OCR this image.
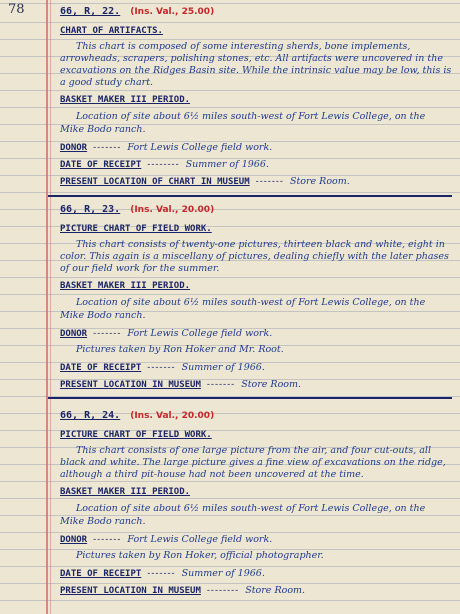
78	66, R, 22. (Ins. Val., 25.00)
CHART OF ARTIFACTS.

This chart is composed of some interesting sherds, bone implements, arrowheads, scrapers, polishing stones, etc. All artifacts were uncovered in the excavations on the Ridges Basin site. While the intrinsic value may be low, this is a good study chart.

BASKET MAKER III PERIOD.

Location of site about 6½ miles south-west of Fort Lewis College, on the Mike Bodo ranch.

DONOR ------- Fort Lewis College field work.
DATE OF RECEIPT -------- Summer of 1966.
PRESENT LOCATION OF CHART IN MUSEUM ------- Store Room.
66, R, 23. (Ins. Val., 20.00)
PICTURE CHART OF FIELD WORK.

This chart consists of twenty-one pictures, thirteen black and white, eight in color. This again is a miscellany of pictures, dealing chiefly with the later phases of our field work for the summer.

BASKET MAKER III PERIOD.

Location of site about 6½ miles south-west of Fort Lewis College, on the Mike Bodo ranch.

DONOR ------- Fort Lewis College field work.

Pictures taken by Ron Hoker and Mr. Root.

DATE OF RECEIPT ------- Summer of 1966.
PRESENT LOCATION IN MUSEUM ------- Store Room.
66, R, 24. (Ins. Val., 20.00)
PICTURE CHART OF FIELD WORK.

This chart consists of one large picture from the air, and four cut-outs, all black and white. The large picture gives a fine view of excavations on the ridge, although a third pit-house had not been uncovered at the time.

BASKET MAKER III PERIOD.

Location of site about 6½ miles south-west of Fort Lewis College, on the Mike Bodo ranch.

DONOR ------- Fort Lewis College field work.

Pictures taken by Ron Hoker, official photographer.

DATE OF RECEIPT ------- Summer of 1966.
PRESENT LOCATION IN MUSEUM -------- Store Room.
